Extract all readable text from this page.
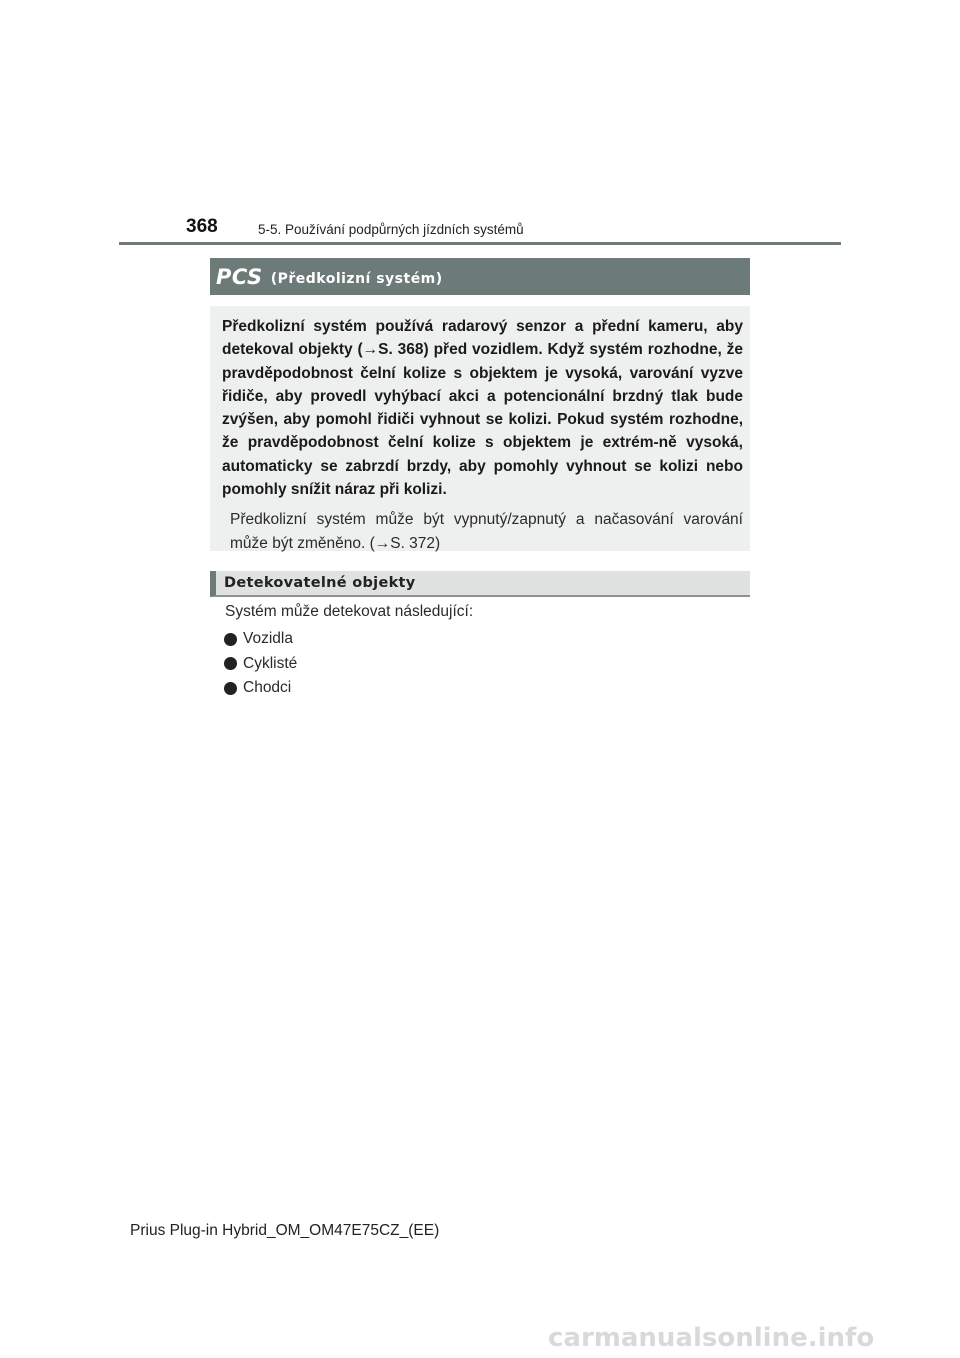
368	5-5. Používání podpůrných jízdních systémů
PCS (Předkolizní systém)

Předkolizní systém používá radarový senzor a přední kameru, aby detekoval objekty (→S. 368) před vozidlem. Když systém rozhodne, že pravděpodobnost čelní kolize s objektem je vysoká, varování vyzve řidiče, aby provedl vyhýbací akci a potencionální brzdný tlak bude zvýšen, aby pomohl řidiči vyhnout se kolizi. Pokud systém rozhodne, že pravděpodobnost čelní kolize s objektem je extrém-ně vysoká, automaticky se zabrzdí brzdy, aby pomohly vyhnout se kolizi nebo pomohly snížit náraz při kolizi.

Předkolizní systém může být vypnutý/zapnutý a načasování varování může být změněno. (→S. 372)

Detekovatelné objekty
Systém může detekovat následující:
Vozidla
Cyklisté
Chodci
Prius Plug-in Hybrid_OM_OM47E75CZ_(EE)
carmanualsonline.info
